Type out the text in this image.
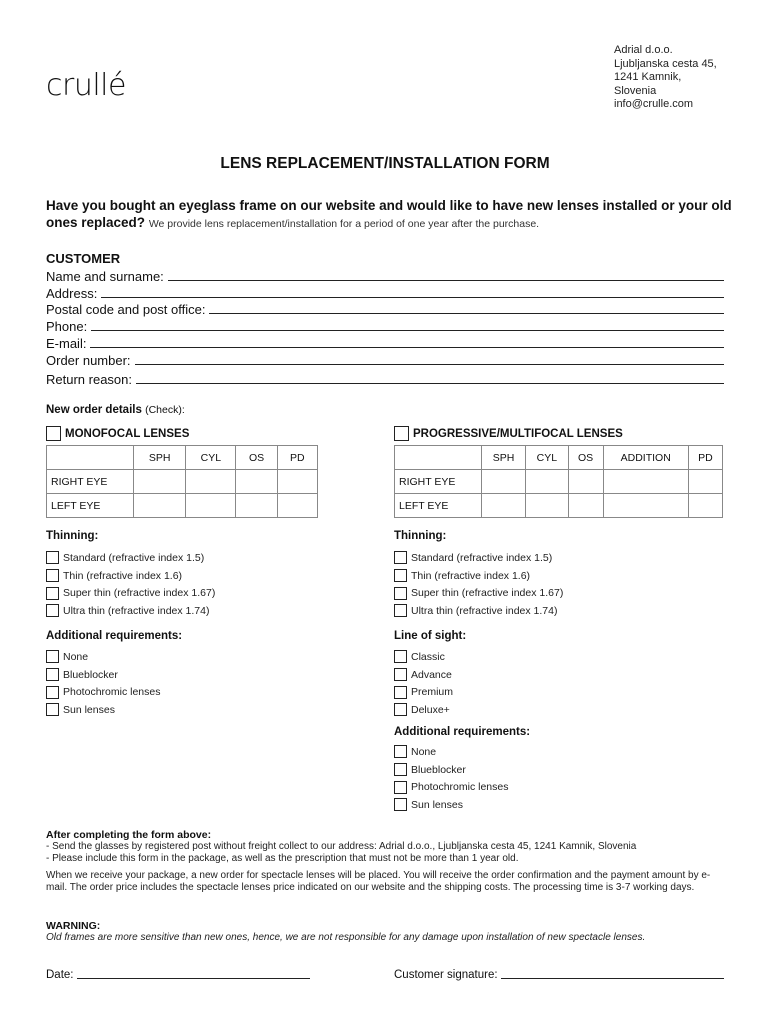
crullé
Adrial d.o.o.
Ljubljanska cesta 45,
1241 Kamnik,
Slovenia
info@crulle.com
LENS REPLACEMENT/INSTALLATION FORM
Have you bought an eyeglass frame on our website and would like to have new lenses installed or your old ones replaced? We provide lens replacement/installation for a period of one year after the purchase.
CUSTOMER
Name and surname:
Address:
Postal code and post office:
Phone:
E-mail:
Order number:
Return reason:
New order details (Check):
MONOFOCAL LENSES
	SPH	CYL	OS	PD
RIGHT EYE				
LEFT EYE				
PROGRESSIVE/MULTIFOCAL LENSES
	SPH	CYL	OS	ADDITION	PD
RIGHT EYE					
LEFT EYE					
Thinning:
Standard (refractive index 1.5)
Thin (refractive index 1.6)
Super thin (refractive index 1.67)
Ultra thin (refractive index 1.74)
Additional requirements:
None
Blueblocker
Photochromic lenses
Sun lenses
Thinning:
Standard (refractive index 1.5)
Thin (refractive index 1.6)
Super thin (refractive index 1.67)
Ultra thin (refractive index 1.74)
Line of sight:
Classic
Advance
Premium
Deluxe+
Additional requirements:
None
Blueblocker
Photochromic lenses
Sun lenses
After completing the form above:
- Send the glasses by registered post without freight collect to our address: Adrial d.o.o., Ljubljanska cesta 45, 1241 Kamnik, Slovenia
- Please include this form in the package, as well as the prescription that must not be more than 1 year old.
When we receive your package, a new order for spectacle lenses will be placed. You will receive the order confirmation and the payment amount by e-mail. The order price includes the spectacle lenses price indicated on our website and the shipping costs. The processing time is 3-7 working days.
WARNING:
Old frames are more sensitive than new ones, hence, we are not responsible for any damage upon installation of new spectacle lenses.
Date:	Customer signature:
